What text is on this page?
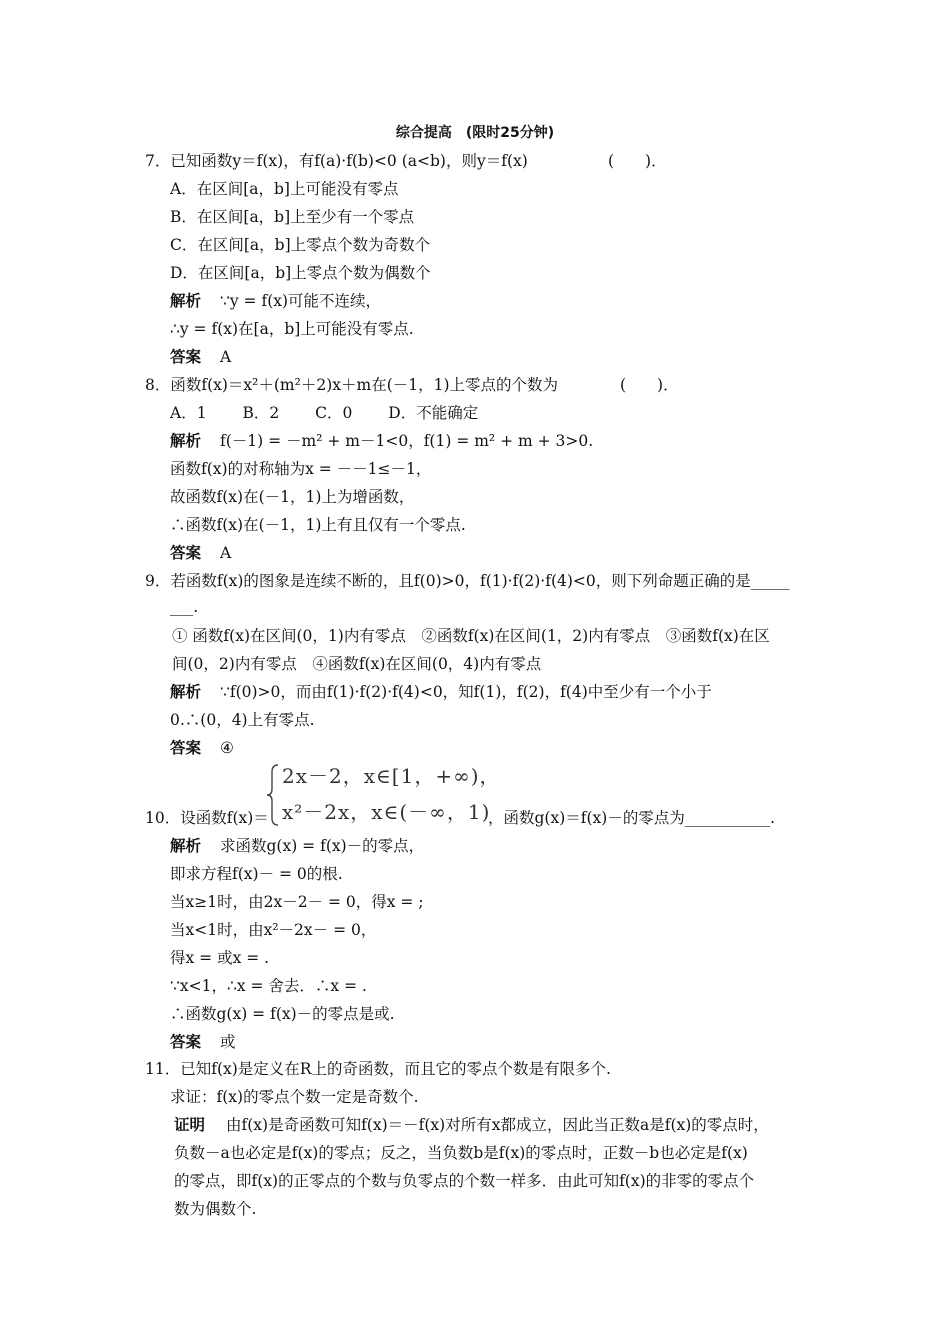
综合提高　(限时25分钟)
7．已知函数y＝f(x)，有f(a)·f(b)<0 (a<b)，则y＝f(x)	(　　)．
A．在区间[a，b]上可能没有零点
B．在区间[a，b]上至少有一个零点
C．在区间[a，b]上零点个数为奇数个
D．在区间[a，b]上零点个数为偶数个
解析 ∵y = f(x)可能不连续，
∴y = f(x)在[a，b]上可能没有零点.
答案 A
8．函数f(x)＝x²＋(m²＋2)x＋m在(－1，1)上零点的个数为	(　　)．
A．1　　 B．2　　 C．0　　 D．不能确定
解析 f(－1) = －m² + m－1<0，f(1) = m² + m + 3>0.
函数f(x)的对称轴为x = －－1≤－1，
故函数f(x)在(－1，1)上为增函数，
∴函数f(x)在(－1，1)上有且仅有一个零点.
答案 A
9．若函数f(x)的图象是连续不断的，且f(0)>0，f(1)·f(2)·f(4)<0，则下列命题正确的是_____
___.
① 函数f(x)在区间(0，1)内有零点　②函数f(x)在区间(1，2)内有零点　③函数f(x)在区
间(0，2)内有零点　④函数f(x)在区间(0，4)内有零点
解析 ∵f(0)>0，而由f(1)·f(2)·f(4)<0，知f(1)，f(2)，f(4)中至少有一个小于
0.∴(0，4)上有零点.
答案 ④
2x－2，x∈[1，+∞)，
x²－2x，x∈(－∞，1)
10．设函数f(x)＝	，函数g(x)＝f(x)－的零点为___________.
解析 求函数g(x) = f(x)－的零点，
即求方程f(x)－ = 0的根.
当x≥1时，由2x－2－ = 0，得x = ;
当x<1时，由x²－2x－ = 0，
得x = 或x = .
∵x<1，∴x = 舍去．∴x = .
∴函数g(x) = f(x)－的零点是或.
答案 或
11．已知f(x)是定义在R上的奇函数，而且它的零点个数是有限多个.
求证：f(x)的零点个数一定是奇数个.
证明 由f(x)是奇函数可知f(x)＝－f(x)对所有x都成立，因此当正数a是f(x)的零点时，
负数－a也必定是f(x)的零点；反之，当负数b是f(x)的零点时，正数－b也必定是f(x)
的零点，即f(x)的正零点的个数与负零点的个数一样多．由此可知f(x)的非零的零点个
数为偶数个.
